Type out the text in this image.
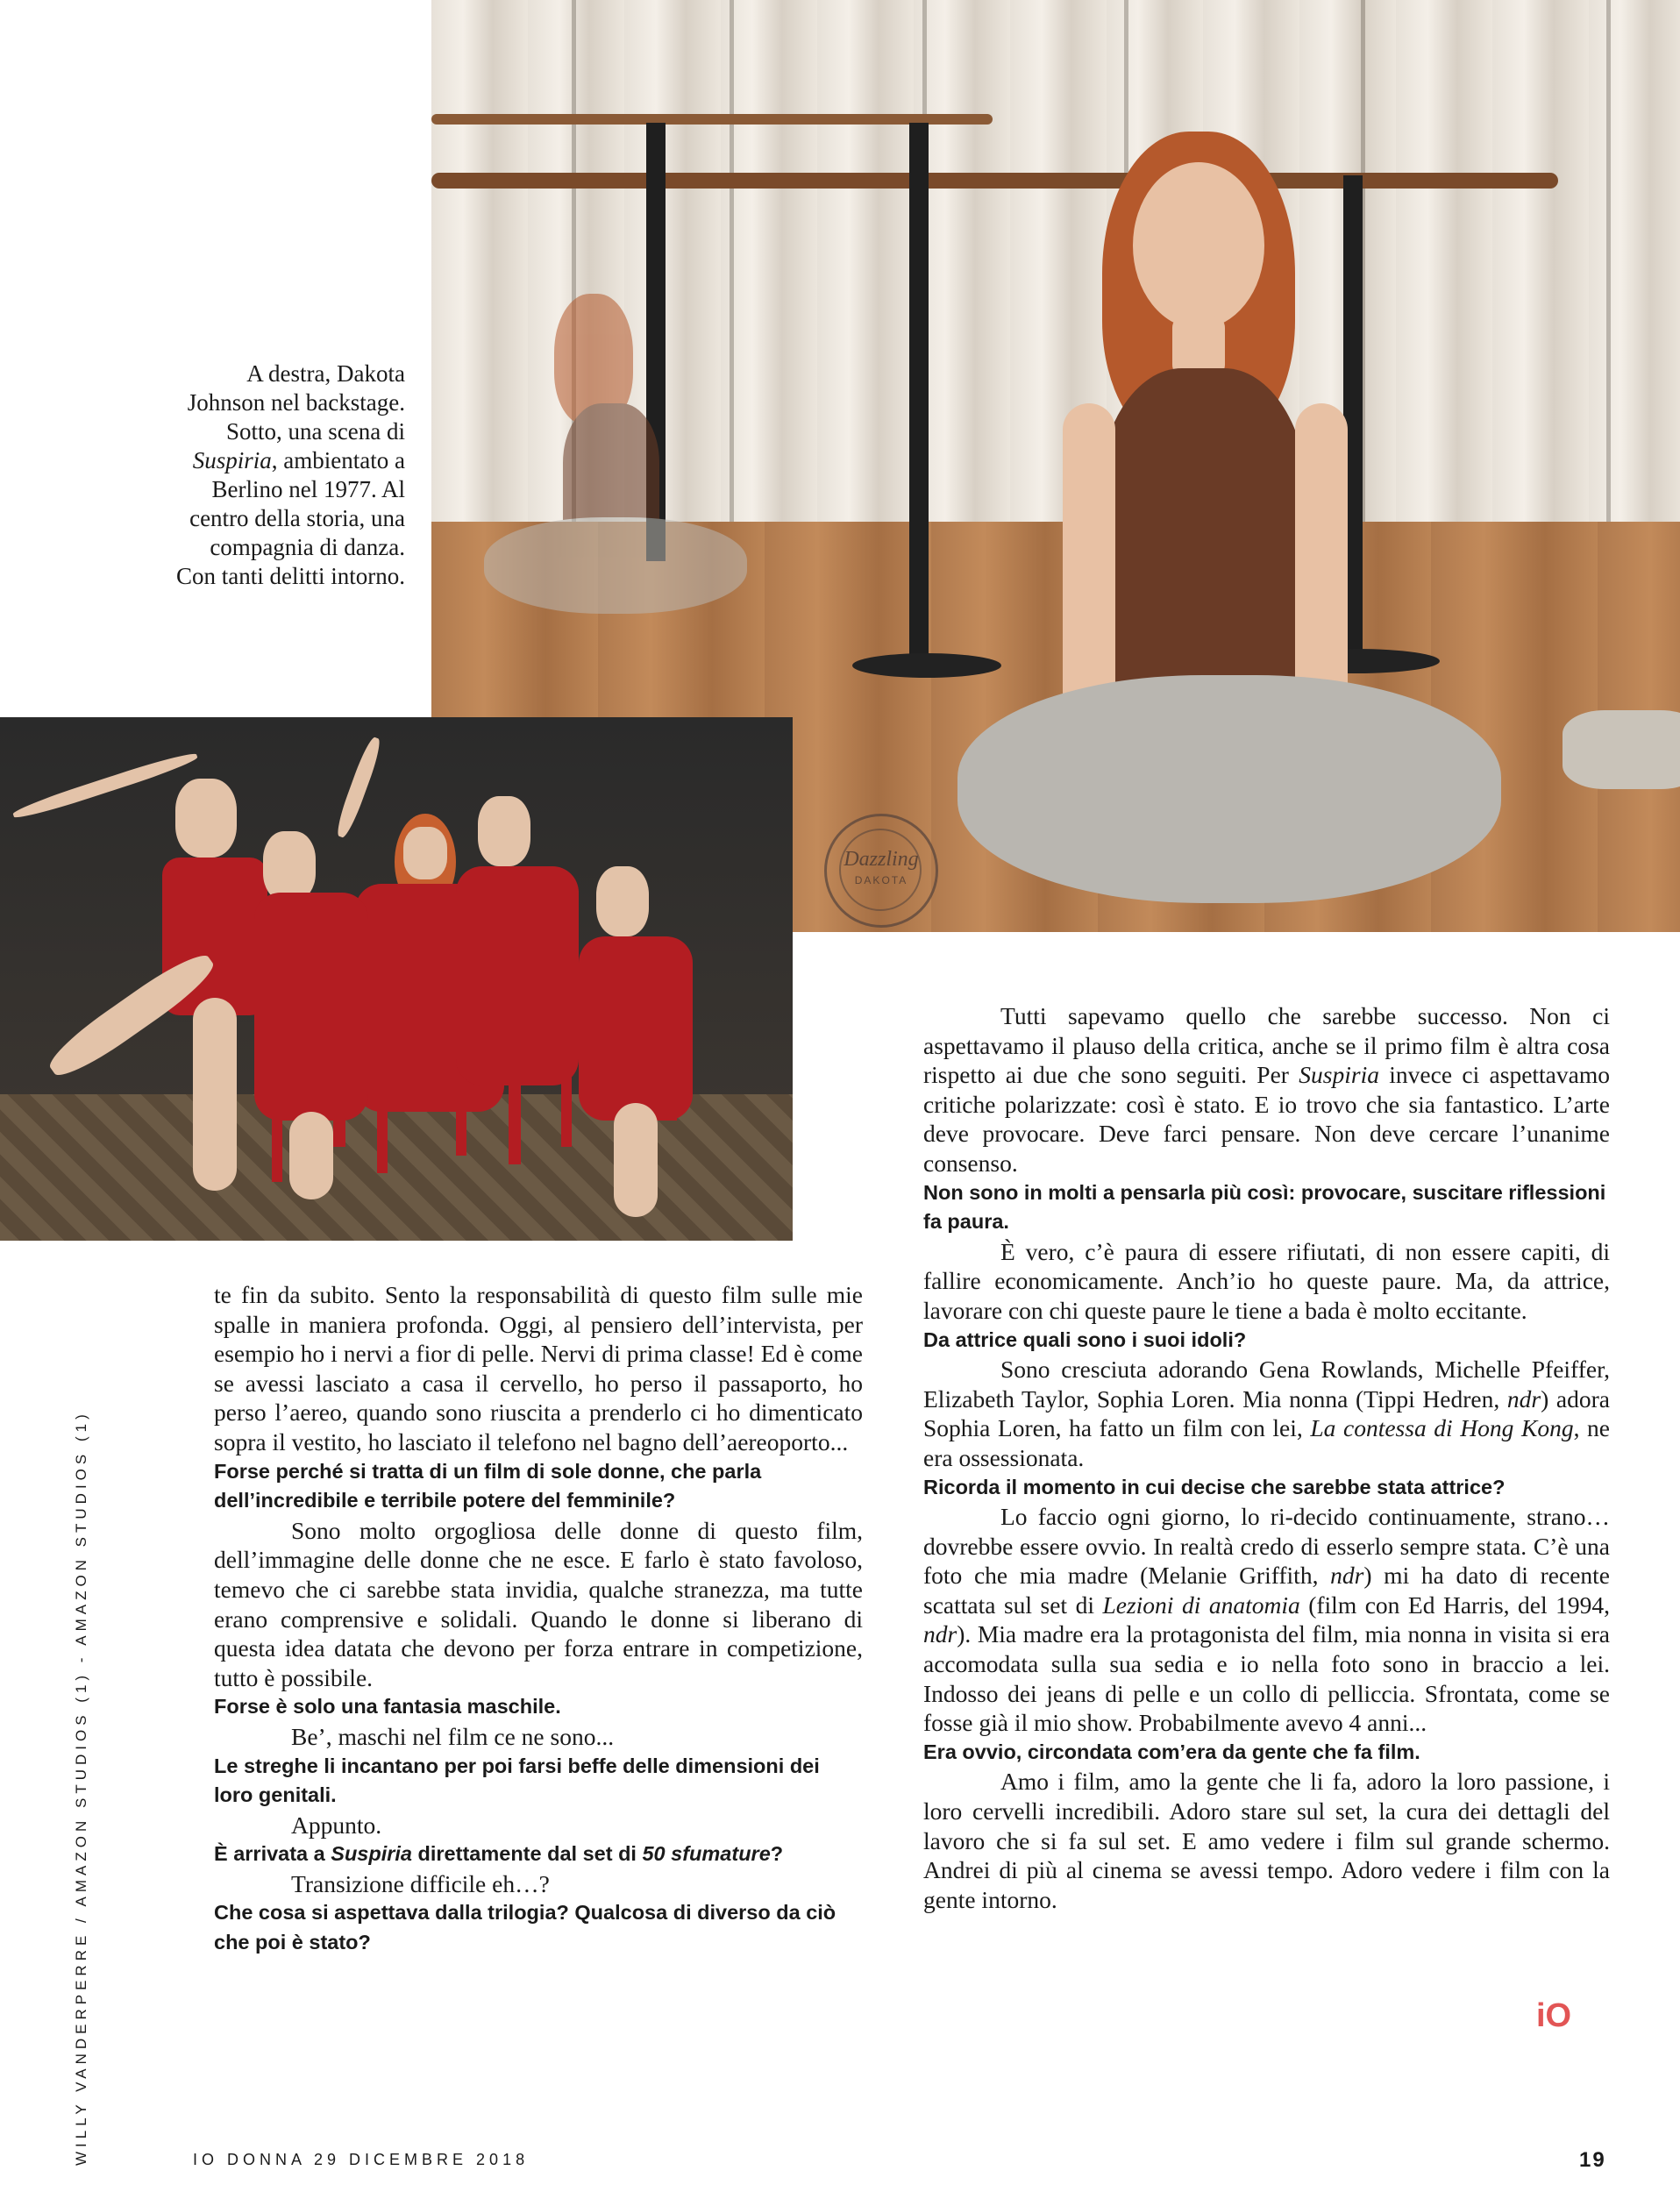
A destra, Dakota Johnson nel backstage. Sotto, una scena di Suspiria, ambientato a Berlino nel 1977. Al centro della storia, una compagnia di danza. Con tanti delitti intorno.
Dazzling
DAKOTA

te fin da subito. Sento la responsabilità di questo film sulle mie spalle in maniera profonda. Oggi, al pensiero dell’intervista, per esempio ho i nervi a fior di pelle. Nervi di prima classe! Ed è come se avessi lasciato a casa il cervello, ho perso il passaporto, ho perso l’aereo, quando sono riuscita a prenderlo ci ho dimenticato sopra il vestito, ho lasciato il telefono nel bagno dell’aereoporto...

Forse perché si tratta di un film di sole donne, che parla dell’incredibile e terribile potere del femminile?

Sono molto orgogliosa delle donne di questo film, dell’immagine delle donne che ne esce. E farlo è stato favoloso, temevo che ci sarebbe stata invidia, qualche stranezza, ma tutte erano comprensive e solidali. Quando le donne si liberano di questa idea datata che devono per forza entrare in competizione, tutto è possibile.

Forse è solo una fantasia maschile.

Be’, maschi nel film ce ne sono...

Le streghe li incantano per poi farsi beffe delle dimensioni dei loro genitali.

Appunto.

È arrivata a Suspiria direttamente dal set di 50 sfumature?

Transizione difficile eh…?

Che cosa si aspettava dalla trilogia? Qualcosa di diverso da ciò che poi è stato?

Tutti sapevamo quello che sarebbe successo. Non ci aspettavamo il plauso della critica, anche se il primo film è altra cosa rispetto ai due che sono seguiti. Per Suspiria invece ci aspettavamo critiche polarizzate: così è stato. E io trovo che sia fantastico. L’arte deve provocare. Deve farci pensare. Non deve cercare l’unanime consenso.

Non sono in molti a pensarla più così: provocare, suscitare riflessioni fa paura.

È vero, c’è paura di essere rifiutati, di non essere capiti, di fallire economicamente. Anch’io ho queste paure. Ma, da attrice, lavorare con chi queste paure le tiene a bada è molto eccitante.

Da attrice quali sono i suoi idoli?

Sono cresciuta adorando Gena Rowlands, Michelle Pfeiffer, Elizabeth Taylor, Sophia Loren. Mia nonna (Tippi Hedren, ndr) adora Sophia Loren, ha fatto un film con lei, La contessa di Hong Kong, ne era ossessionata.

Ricorda il momento in cui decise che sarebbe stata attrice?

Lo faccio ogni giorno, lo ri-decido continuamente, strano… dovrebbe essere ovvio. In realtà credo di esserlo sempre stata. C’è una foto che mia madre (Melanie Griffith, ndr) mi ha dato di recente scattata sul set di Lezioni di anatomia (film con Ed Harris, del 1994, ndr). Mia madre era la protagonista del film, mia nonna in visita si era accomodata sulla sua sedia e io nella foto sono in braccio a lei. Indosso dei jeans di pelle e un collo di pelliccia. Sfrontata, come se fosse già il mio show. Probabilmente avevo 4 anni...

Era ovvio, circondata com’era da gente che fa film.

Amo i film, amo la gente che li fa, adoro la loro passione, i loro cervelli incredibili. Adoro stare sul set, la cura dei dettagli del lavoro che si fa sul set. E amo vedere i film sul grande schermo. Andrei di più al cinema se avessi tempo. Adoro vedere i film con la gente intorno.

iO
WILLY VANDERPERRE / AMAZON STUDIOS (1) - AMAZON STUDIOS (1)	IO DONNA 29 DICEMBRE 2018	19
